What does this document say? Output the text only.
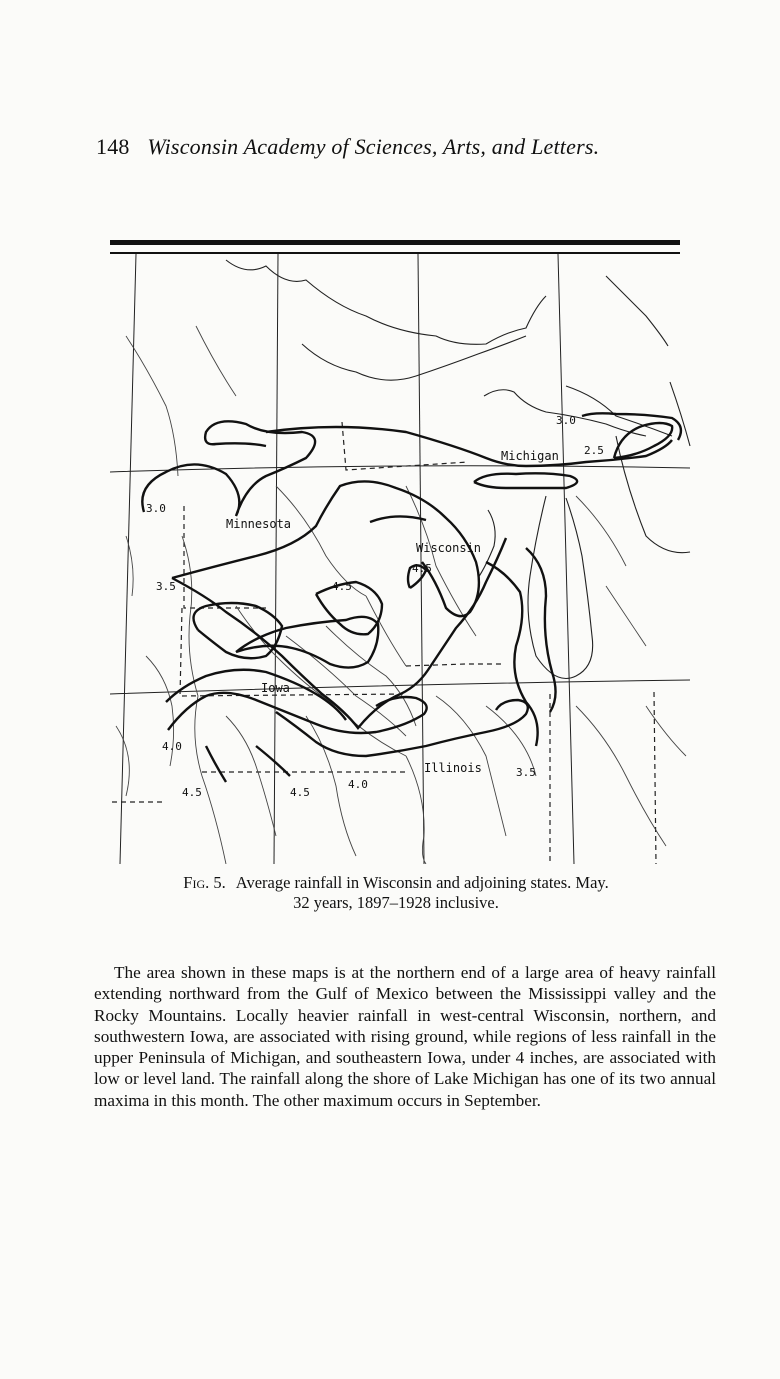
148 Wisconsin Academy of Sciences, Arts, and Letters.
Minnesota
Wisconsin
Michigan
Iowa
Illinois
3.0
3.0
2.5
3.5	4.5
4.5
4.0
4.5	4.5
4.0
3.5
Fig. 5. Average rainfall in Wisconsin and adjoining states. May.
32 years, 1897–1928 inclusive.
The area shown in these maps is at the northern end of a large area of heavy rainfall extending northward from the Gulf of Mexico between the Mississippi valley and the Rocky Mountains. Locally heavier rainfall in west-central Wisconsin, northern, and southwestern Iowa, are associated with rising ground, while regions of less rainfall in the upper Peninsula of Michigan, and southeastern Iowa, under 4 inches, are associated with low or level land. The rainfall along the shore of Lake Michigan has one of its two annual maxima in this month. The other maximum occurs in September.
